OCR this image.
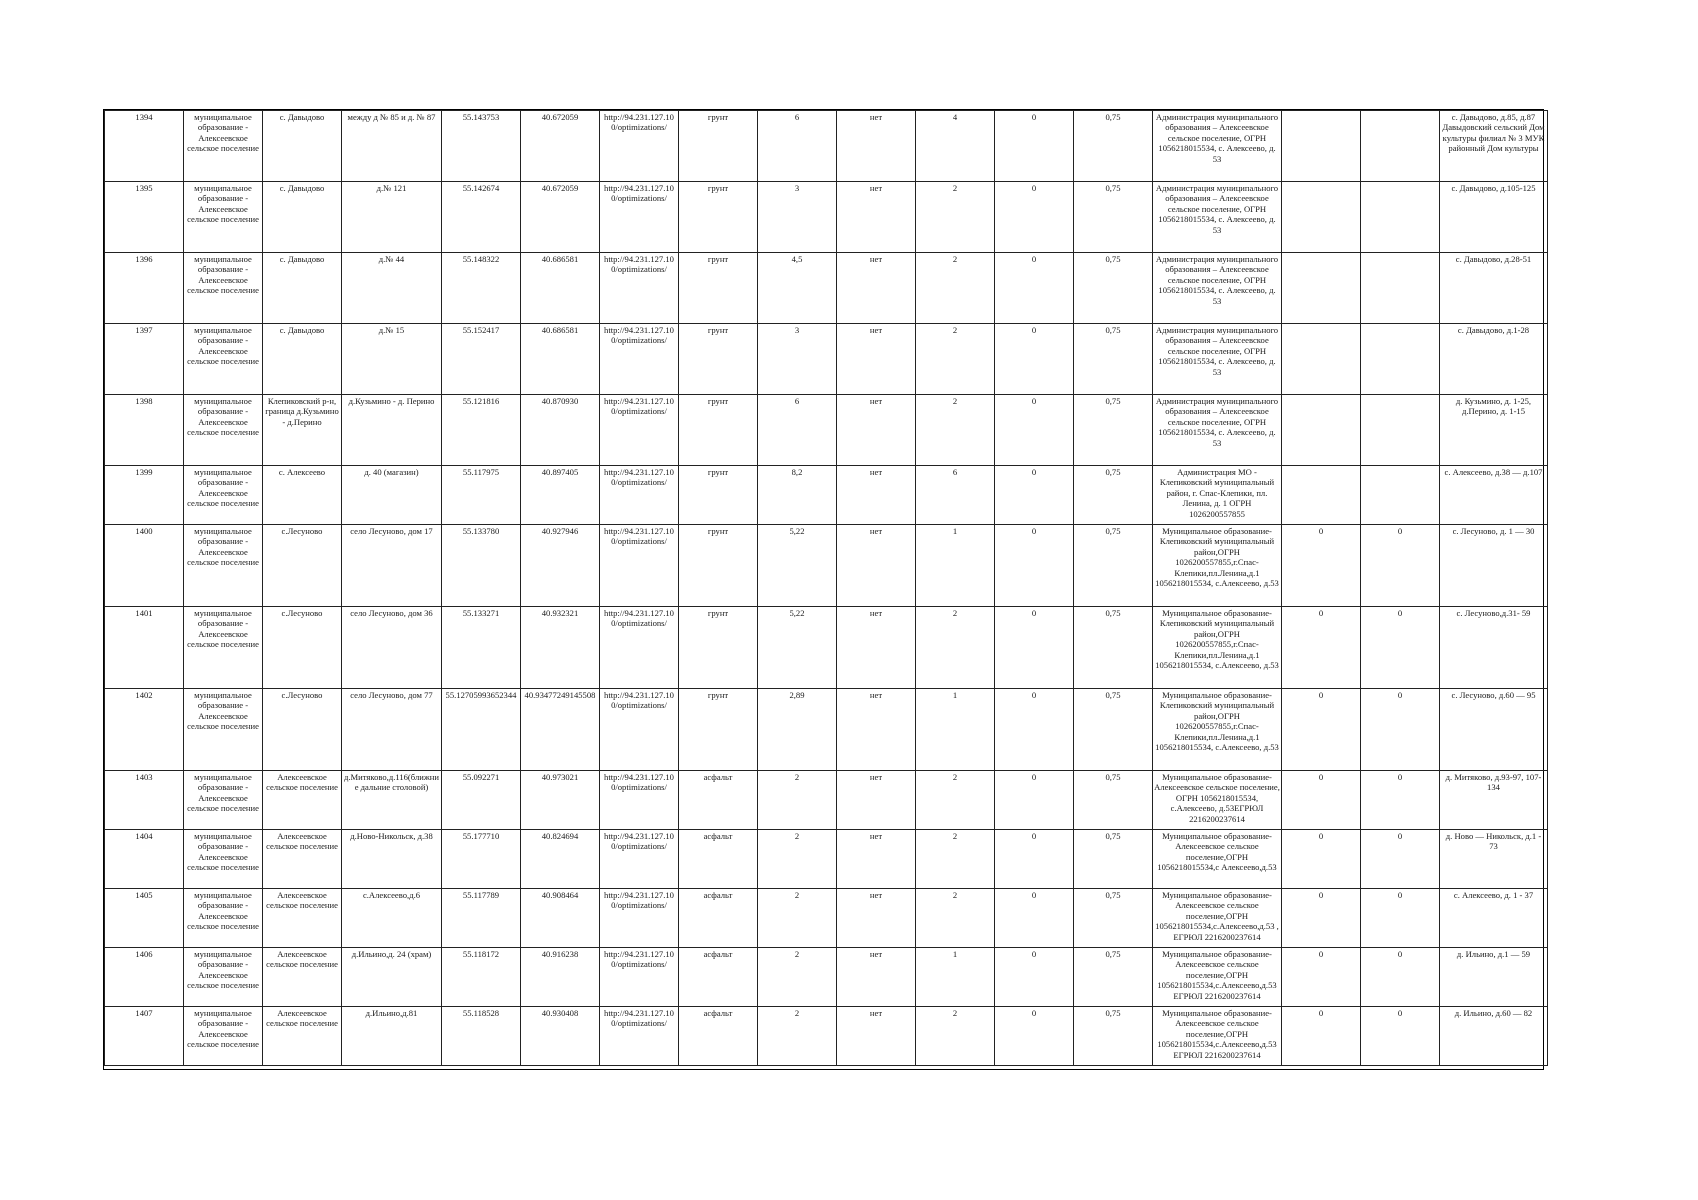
1394	муниципальное образование - Алексеевское сельское поселение	с. Давыдово	между д № 85 и д. № 87	55.143753	40.672059	http://94.231.127.100/optimizations/	грунт	6	нет	4	0	0,75	Администрация муниципального образования – Алексеевское сельское поселение, ОГРН 1056218015534, с. Алексеево, д. 53			с. Давыдово, д.85, д.87 Давыдовский сельский Дом культуры филиал № 3 МУК районный Дом культуры
1395	муниципальное образование - Алексеевское сельское поселение	с. Давыдово	д.№ 121	55.142674	40.672059	http://94.231.127.100/optimizations/	грунт	3	нет	2	0	0,75	Администрация муниципального образования – Алексеевское сельское поселение, ОГРН 1056218015534, с. Алексеево, д. 53			с. Давыдово, д.105-125
1396	муниципальное образование - Алексеевское сельское поселение	с. Давыдово	д.№ 44	55.148322	40.686581	http://94.231.127.100/optimizations/	грунт	4,5	нет	2	0	0,75	Администрация муниципального образования – Алексеевское сельское поселение, ОГРН 1056218015534, с. Алексеево, д. 53			с. Давыдово, д.28-51
1397	муниципальное образование - Алексеевское сельское поселение	с. Давыдово	д.№ 15	55.152417	40.686581	http://94.231.127.100/optimizations/	грунт	3	нет	2	0	0,75	Администрация муниципального образования – Алексеевское сельское поселение, ОГРН 1056218015534, с. Алексеево, д. 53			с. Давыдово, д.1-28
1398	муниципальное образование - Алексеевское сельское поселение	Клепиковский р-н, граница д.Кузьмино - д.Перино	д.Кузьмино - д. Перино	55.121816	40.870930	http://94.231.127.100/optimizations/	грунт	6	нет	2	0	0,75	Администрация муниципального образования – Алексеевское сельское поселение, ОГРН 1056218015534, с. Алексеево, д. 53			д. Кузьмино, д. 1-25, д.Перино, д. 1-15
1399	муниципальное образование - Алексеевское сельское поселение	с. Алексеево	д. 40 (магазин)	55.117975	40.897405	http://94.231.127.100/optimizations/	грунт	8,2	нет	6	0	0,75	Администрация МО - Клепиковский муниципальный район, г. Спас-Клепики, пл. Ленина, д. 1 ОГРН 1026200557855			с. Алексеево, д.38 — д.107
1400	муниципальное образование - Алексеевское сельское поселение	с.Лесуново	село Лесуново, дом 17	55.133780	40.927946	http://94.231.127.100/optimizations/	грунт	5,22	нет	1	0	0,75	Муниципальное образование-Клепиковский муниципальный район,ОГРН 1026200557855,г.Спас-Клепики,пл.Ленина,д.1 1056218015534, с.Алексеево, д.53	0	0	с. Лесуново, д. 1 — 30
1401	муниципальное образование - Алексеевское сельское поселение	с.Лесуново	село Лесуново, дом 36	55.133271	40.932321	http://94.231.127.100/optimizations/	грунт	5,22	нет	2	0	0,75	Муниципальное образование-Клепиковский муниципальный район,ОГРН 1026200557855,г.Спас-Клепики,пл.Ленина,д.1 1056218015534, с.Алексеево, д.53	0	0	с. Лесуново,д.31- 59
1402	муниципальное образование - Алексеевское сельское поселение	с.Лесуново	село Лесуново, дом 77	55.12705993652344	40.93477249145508	http://94.231.127.100/optimizations/	грунт	2,89	нет	1	0	0,75	Муниципальное образование-Клепиковский муниципальный район,ОГРН 1026200557855,г.Спас-Клепики,пл.Ленина,д.1 1056218015534, с.Алексеево, д.53	0	0	с. Лесуново, д.60 — 95
1403	муниципальное образование - Алексеевское сельское поселение	Алексеевское сельское поселение	д.Митяково,д.116(ближние дальние столовой)	55.092271	40.973021	http://94.231.127.100/optimizations/	асфальт	2	нет	2	0	0,75	Муниципальное образование-Алексеевское сельское поселение, ОГРН 1056218015534, с.Алексеево, д.53ЕГРЮЛ 2216200237614	0	0	д. Митяково, д.93-97, 107-134
1404	муниципальное образование - Алексеевское сельское поселение	Алексеевское сельское поселение	д.Ново-Никольск, д.38	55.177710	40.824694	http://94.231.127.100/optimizations/	асфальт	2	нет	2	0	0,75	Муниципальное образование-Алексеевское сельское поселение,ОГРН 1056218015534,с Алексеево,д.53	0	0	д. Ново — Никольск, д.1 - 73
1405	муниципальное образование - Алексеевское сельское поселение	Алексеевское сельское поселение	с.Алексеево,д.6	55.117789	40.908464	http://94.231.127.100/optimizations/	асфальт	2	нет	2	0	0,75	Муниципальное образование-Алексеевское сельское поселение,ОГРН 1056218015534,с.Алексеево,д.53 , ЕГРЮЛ 2216200237614	0	0	с. Алексеево, д. 1 - 37
1406	муниципальное образование - Алексеевское сельское поселение	Алексеевское сельское поселение	д.Ильино,д. 24 (храм)	55.118172	40.916238	http://94.231.127.100/optimizations/	асфальт	2	нет	1	0	0,75	Муниципальное образование-Алексеевское сельское поселение,ОГРН 1056218015534,с.Алексеево,д.53 ЕГРЮЛ 2216200237614	0	0	д. Ильино, д.1 — 59
1407	муниципальное образование - Алексеевское сельское поселение	Алексеевское сельское поселение	д.Ильино,д.81	55.118528	40.930408	http://94.231.127.100/optimizations/	асфальт	2	нет	2	0	0,75	Муниципальное образование-Алексеевское сельское поселение,ОГРН 1056218015534,с.Алексеево,д.53 ЕГРЮЛ 2216200237614	0	0	д. Ильино, д.60 — 82
